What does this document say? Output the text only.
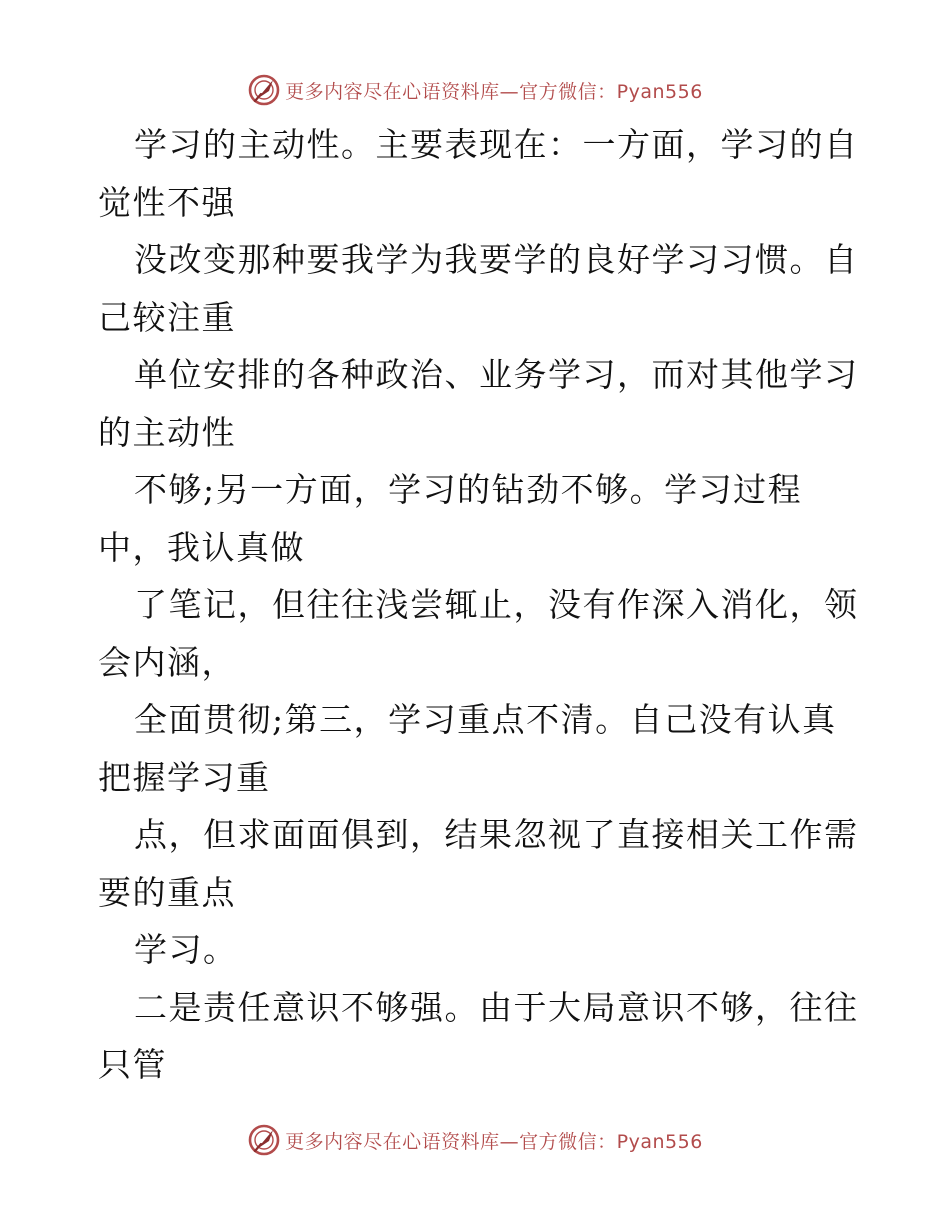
更多内容尽在心语资料库—官方微信：Pyan556
学习的主动性。主要表现在：一方面，学习的自
觉性不强
没改变那种要我学为我要学的良好学习习惯。自
己较注重
单位安排的各种政治、业务学习，而对其他学习
的主动性
不够;另一方面，学习的钻劲不够。学习过程
中，我认真做
了笔记，但往往浅尝辄止，没有作深入消化，领
会内涵，
全面贯彻;第三，学习重点不清。自己没有认真
把握学习重
点，但求面面俱到，结果忽视了直接相关工作需
要的重点
学习。
二是责任意识不够强。由于大局意识不够，往往
只管
更多内容尽在心语资料库—官方微信：Pyan556
